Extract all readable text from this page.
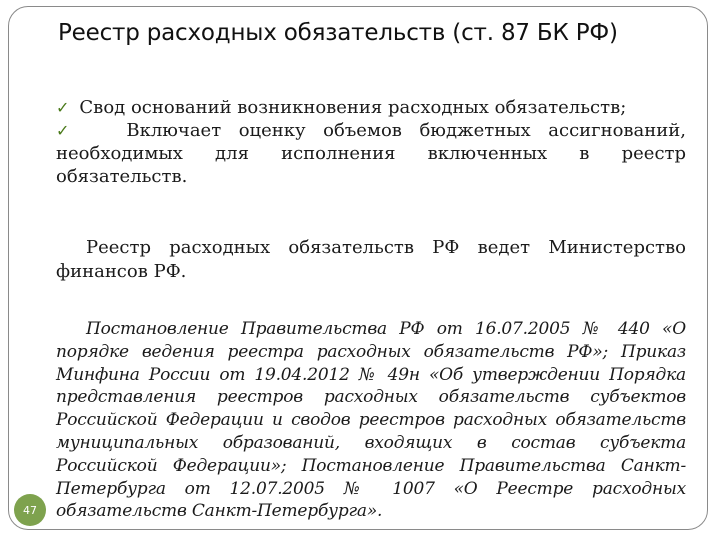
Реестр расходных обязательств (ст. 87 БК РФ)

✓ Свод оснований возникновения расходных обязательств;

✓	Включает оценку объемов бюджетных ассигнований, необходимых для исполнения включенных в реестр обязательств.

Реестр расходных обязательств РФ ведет Министерство финансов РФ.

Постановление Правительства РФ от 16.07.2005 № 440 «О порядке ведения реестра расходных обязательств РФ»; Приказ Минфина России от 19.04.2012 № 49н «Об утверждении Порядка представления реестров расходных обязательств субъектов Российской Федерации и сводов реестров расходных обязательств муниципальных образований, входящих в состав субъекта Российской Федерации»; Постановление Правительства Санкт-Петербурга от 12.07.2005 № 1007 «О Реестре расходных обязательств Санкт-Петербурга».

47
